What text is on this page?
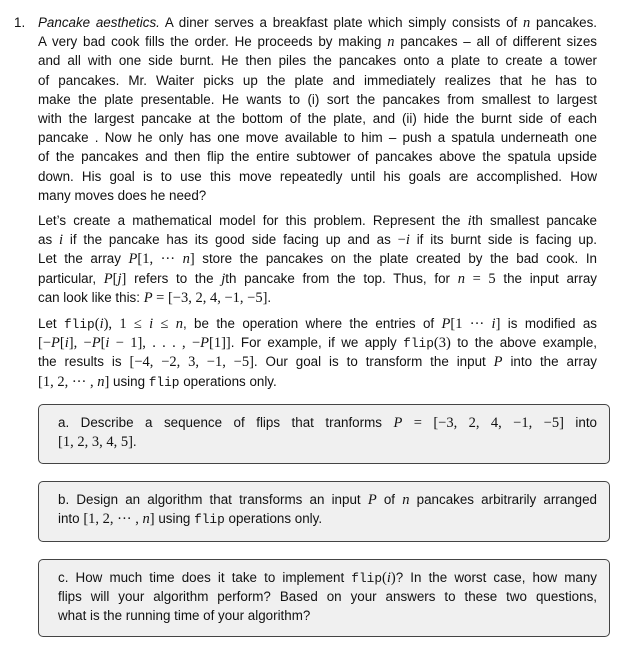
1. Pancake aesthetics. A diner serves a breakfast plate which simply consists of n pancakes.
A very bad cook fills the order. He proceeds by making n pancakes – all of different sizes
and all with one side burnt. He then piles the pancakes onto a plate to create a tower
of pancakes. Mr. Waiter picks up the plate and immediately realizes that he has to
make the plate presentable. He wants to (i) sort the pancakes from smallest to largest
with the largest pancake at the bottom of the plate, and (ii) hide the burnt side of each
pancake . Now he only has one move available to him – push a spatula underneath one
of the pancakes and then flip the entire subtower of pancakes above the spatula upside
down. His goal is to use this move repeatedly until his goals are accomplished. How
many moves does he need?
Let’s create a mathematical model for this problem. Represent the ith smallest pancake
as i if the pancake has its good side facing up and as −i if its burnt side is facing up.
Let the array P[1, ··· n] store the pancakes on the plate created by the bad cook. In
particular, P[j] refers to the jth pancake from the top. Thus, for n = 5 the input array
can look like this: P = [−3, 2, 4, −1, −5].
Let flip(i), 1 ≤ i ≤ n, be the operation where the entries of P[1 ··· i] is modified as
[−P[i], −P[i − 1], . . . , −P[1]]. For example, if we apply flip(3) to the above example,
the results is [−4, −2, 3, −1, −5]. Our goal is to transform the input P into the array
[1, 2, ··· , n] using flip operations only.
a. Describe a sequence of flips that tranforms P = [−3, 2, 4, −1, −5] into
[1, 2, 3, 4, 5].
b. Design an algorithm that transforms an input P of n pancakes arbitrarily arranged
into [1, 2, ··· , n] using flip operations only.
c. How much time does it take to implement flip(i)? In the worst case, how many
flips will your algorithm perform? Based on your answers to these two questions,
what is the running time of your algorithm?
